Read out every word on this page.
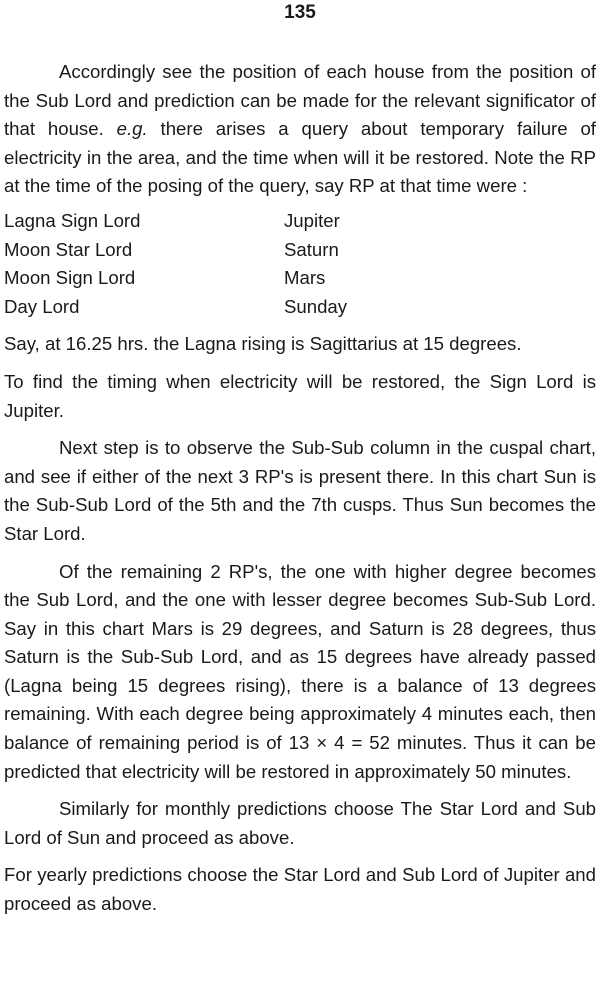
135

Accordingly see the position of each house from the position of the Sub Lord and prediction can be made for the relevant significator of that house. e.g. there arises a query about temporary failure of electricity in the area, and the time when will it be restored. Note the RP at the time of the posing of the query, say RP at that time were :

Lagna Sign Lord	Jupiter
Moon Star Lord	Saturn
Moon Sign Lord	Mars
Day Lord	Sunday

Say, at 16.25 hrs. the Lagna rising is Sagittarius at 15 degrees.

To find the timing when electricity will be restored, the Sign Lord is Jupiter.

Next step is to observe the Sub-Sub column in the cuspal chart, and see if either of the next 3 RP's is present there. In this chart Sun is the Sub-Sub Lord of the 5th and the 7th cusps. Thus Sun becomes the Star Lord.

Of the remaining 2 RP's, the one with higher degree becomes the Sub Lord, and the one with lesser degree becomes Sub-Sub Lord. Say in this chart Mars is 29 degrees, and Saturn is 28 degrees, thus Saturn is the Sub-Sub Lord, and as 15 degrees have already passed (Lagna being 15 degrees rising), there is a balance of 13 degrees remaining. With each degree being approximately 4 minutes each, then balance of remaining period is of 13 × 4 = 52 minutes. Thus it can be predicted that electricity will be restored in approximately 50 minutes.

Similarly for monthly predictions choose The Star Lord and Sub Lord of Sun and proceed as above.

For yearly predictions choose the Star Lord and Sub Lord of Jupiter and proceed as above.
